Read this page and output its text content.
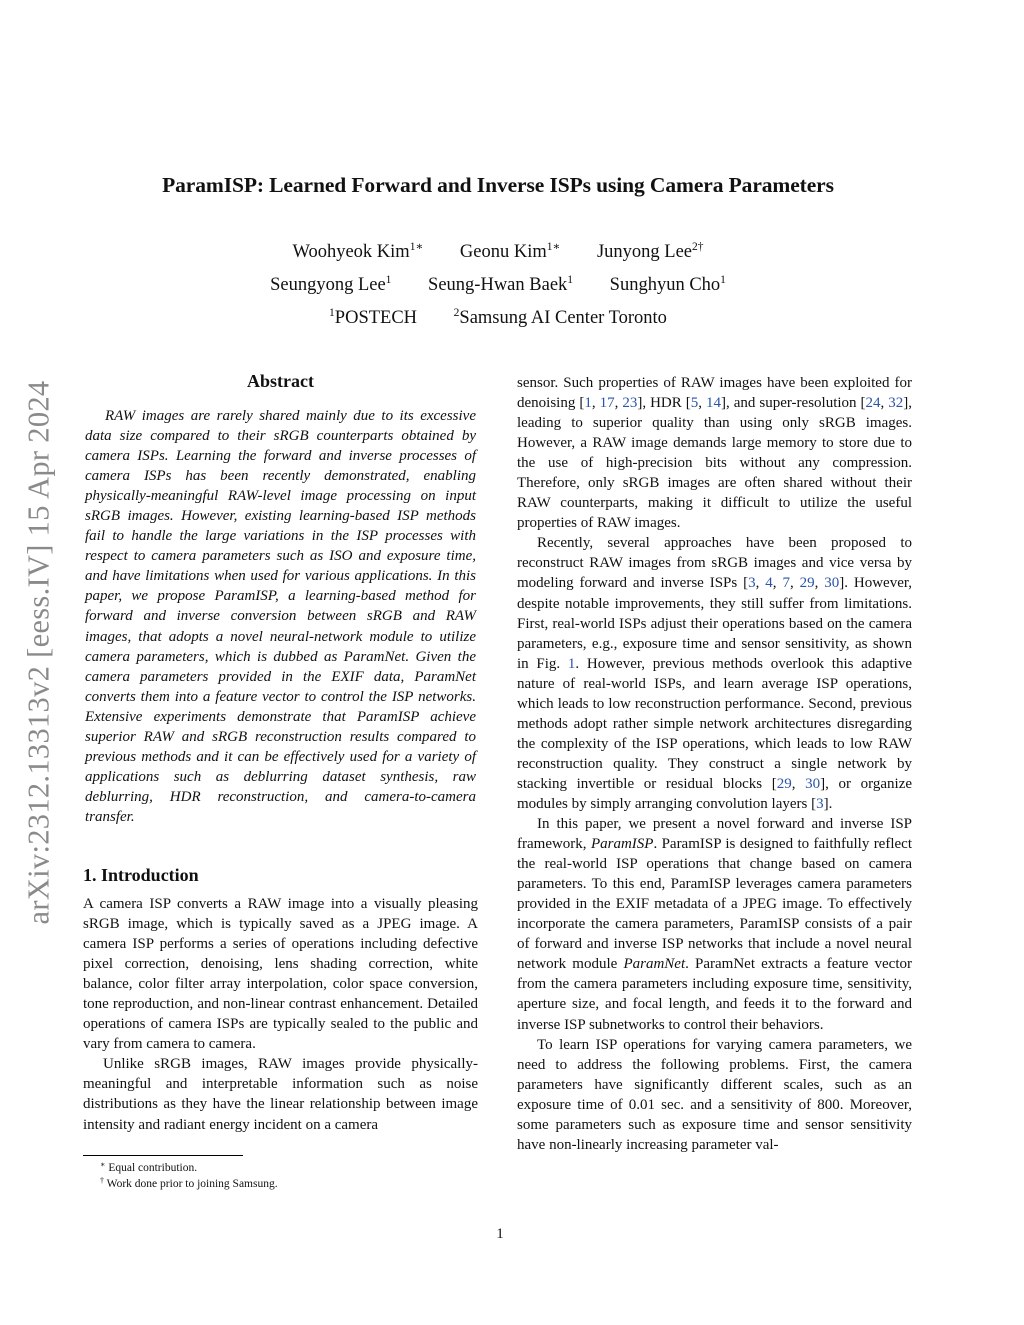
arXiv:2312.13313v2 [eess.IV] 15 Apr 2024
ParamISP: Learned Forward and Inverse ISPs using Camera Parameters
Woohyeok Kim$^{1∗}$ Geonu Kim$^{1∗}$ Junyong Lee$^{2\dagger}$
Seungyong Lee$^1$ Seung-Hwan Baek$^1$ Sunghyun Cho$^1$
$^1$POSTECH	$^2$Samsung AI Center Toronto
Abstract

RAW images are rarely shared mainly due to its excessive data size compared to their sRGB counterparts obtained by camera ISPs. Learning the forward and inverse processes of camera ISPs has been recently demonstrated, enabling physically-meaningful RAW-level image processing on input sRGB images. However, existing learning-based ISP methods fail to handle the large variations in the ISP processes with respect to camera parameters such as ISO and exposure time, and have limitations when used for various applications. In this paper, we propose ParamISP, a learning-based method for forward and inverse conversion between sRGB and RAW images, that adopts a novel neural-network module to utilize camera parameters, which is dubbed as ParamNet. Given the camera parameters provided in the EXIF data, ParamNet converts them into a feature vector to control the ISP networks. Extensive experiments demonstrate that ParamISP achieve superior RAW and sRGB reconstruction results compared to previous methods and it can be effectively used for a variety of applications such as deblurring dataset synthesis, raw deblurring, HDR reconstruction, and camera-to-camera transfer.

1. Introduction

A camera ISP converts a RAW image into a visually pleasing sRGB image, which is typically saved as a JPEG image. A camera ISP performs a series of operations including defective pixel correction, denoising, lens shading correction, white balance, color filter array interpolation, color space conversion, tone reproduction, and non-linear contrast enhancement. Detailed operations of camera ISPs are typically sealed to the public and vary from camera to camera.

Unlike sRGB images, RAW images provide physically-meaningful and interpretable information such as noise distributions as they have the linear relationship between image intensity and radiant energy incident on a camera

sensor. Such properties of RAW images have been exploited for denoising [1, 17, 23], HDR [5, 14], and super-resolution [24, 32], leading to superior quality than using only sRGB images. However, a RAW image demands large memory to store due to the use of high-precision bits without any compression. Therefore, only sRGB images are often shared without their RAW counterparts, making it difficult to utilize the useful properties of RAW images.

Recently, several approaches have been proposed to reconstruct RAW images from sRGB images and vice versa by modeling forward and inverse ISPs [3, 4, 7, 29, 30]. However, despite notable improvements, they still suffer from limitations. First, real-world ISPs adjust their operations based on the camera parameters, e.g., exposure time and sensor sensitivity, as shown in Fig. 1. However, previous methods overlook this adaptive nature of real-world ISPs, and learn average ISP operations, which leads to low reconstruction performance. Second, previous methods adopt rather simple network architectures disregarding the complexity of the ISP operations, which leads to low RAW reconstruction quality. They construct a single network by stacking invertible or residual blocks [29, 30], or organize modules by simply arranging convolution layers [3].

In this paper, we present a novel forward and inverse ISP framework, ParamISP. ParamISP is designed to faithfully reflect the real-world ISP operations that change based on camera parameters. To this end, ParamISP leverages camera parameters provided in the EXIF metadata of a JPEG image. To effectively incorporate the camera parameters, ParamISP consists of a pair of forward and inverse ISP networks that include a novel neural network module ParamNet. ParamNet extracts a feature vector from the camera parameters including exposure time, sensitivity, aperture size, and focal length, and feeds it to the forward and inverse ISP subnetworks to control their behaviors.

To learn ISP operations for varying camera parameters, we need to address the following problems. First, the camera parameters have significantly different scales, such as an exposure time of 0.01 sec. and a sensitivity of 800. Moreover, some parameters such as exposure time and sensor sensitivity have non-linearly increasing parameter val-

∗ Equal contribution.
† Work done prior to joining Samsung.
1
